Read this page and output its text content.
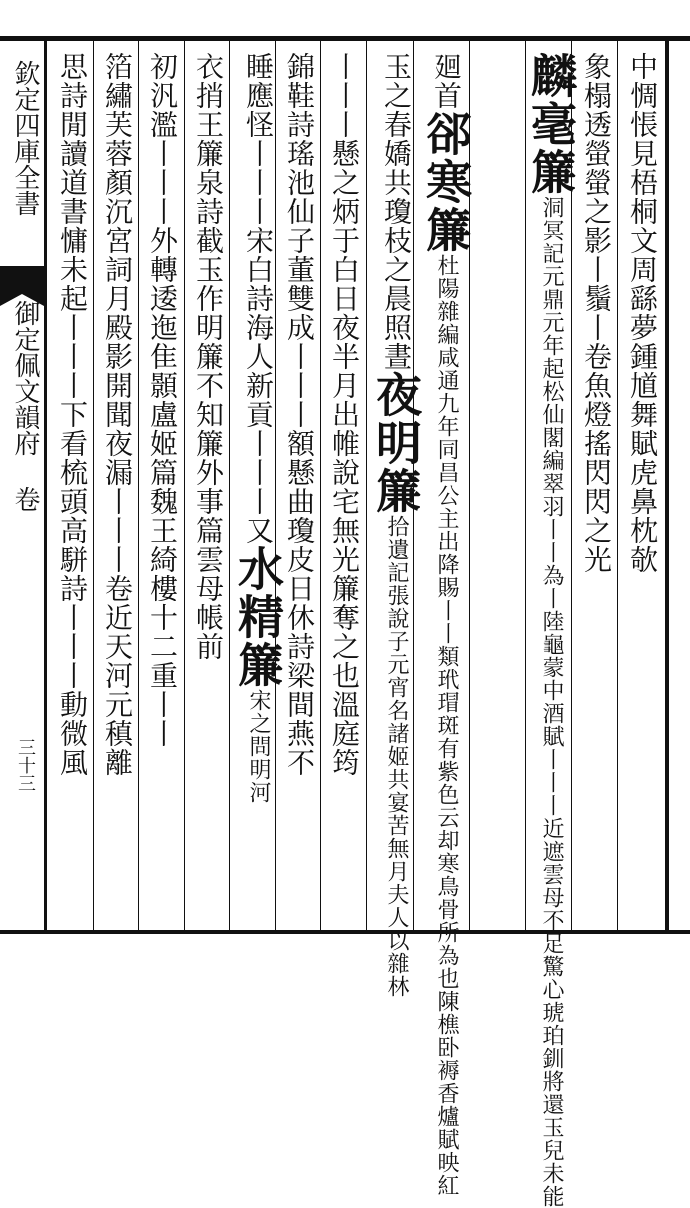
欽定四庫全書
御定佩文韻府 卷
三十三
中惆悵見梧桐文周繇夢鍾馗舞賦虎鼻枕欹
象榻透螢螢之影丨鬚丨卷魚燈搖閃閃之光
麟毫簾洞冥記元鼎元年起松仙閣編翠羽丨丨為丨陸龜蒙中酒賦丨丨丨近遮雲母不足驚心琥珀釧將還玉兒未能
廻首郤寒簾杜陽雜編咸通九年同昌公主出降賜丨丨類玳瑁斑有紫色云却寒鳥骨所為也陳樵卧褥香爐賦映紅
玉之春嬌共瓊枝之晨照晝夜明簾拾遺記張說子元宵名諸姬共宴苦無月夫人以雜林
丨丨丨懸之炳于白日夜半月出帷說宅無光簾奪之也溫庭筠
錦鞋詩瑤池仙子董雙成丨丨丨額懸曲瓊皮日休詩梁間燕不
睡應怪丨丨丨宋白詩海人新貢丨丨丨又水精簾宋之問明河
衣捎王簾泉詩截玉作明簾不知簾外事篇雲母帳前
初汎濫丨丨丨外轉逶迤隹顥盧姬篇魏王綺樓十二重丨丨
箔繡芙蓉顏沉宮詞月殿影開聞夜漏丨丨丨卷近天河元稹離
思詩閒讀道書慵未起丨丨丨下看梳頭高駢詩丨丨丨動微風
